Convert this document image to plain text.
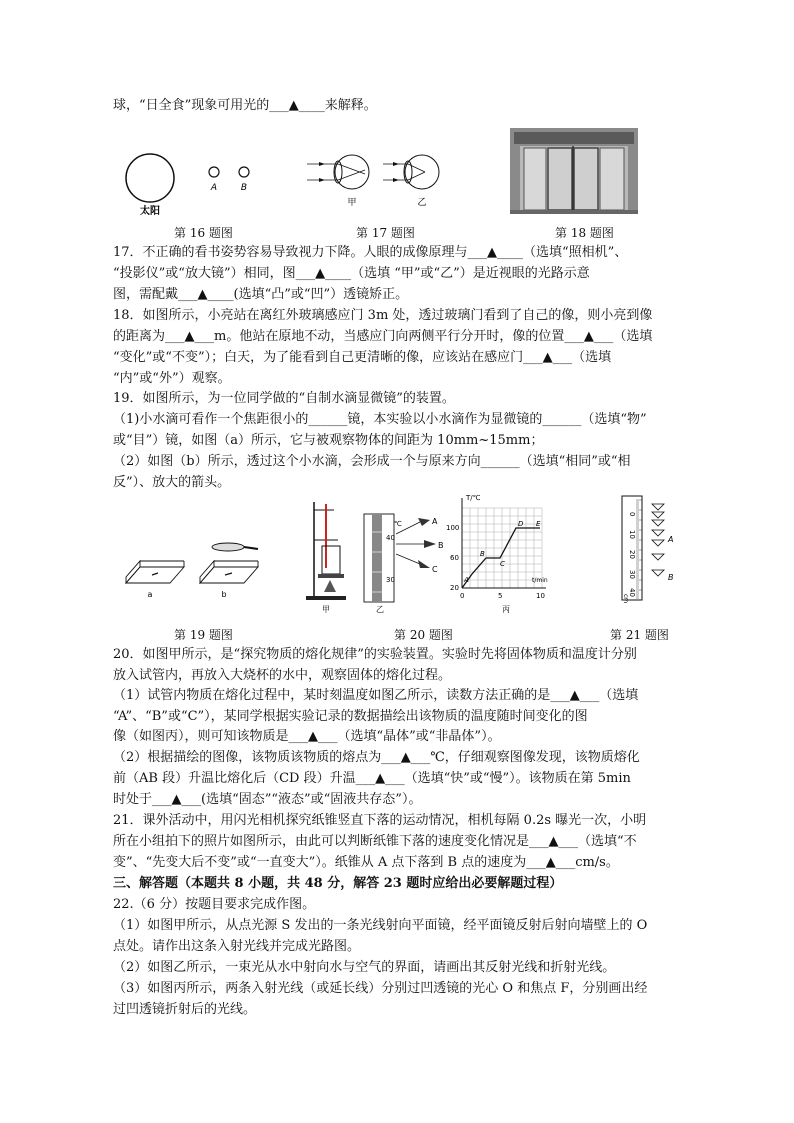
球，“日全食”现象可用光的___▲____来解释。
太阳
A	B
甲	乙
第 16 题图	第 17 题图	第 18 题图
17．不正确的看书姿势容易导致视力下降。人眼的成像原理与___▲____（选填“照相机”、
“投影仪”或“放大镜”）相同，图___▲____（选填 “甲”或“乙”）是近视眼的光路示意
图，需配戴___▲____(选填“凸”或“凹”）透镜矫正。
18．如图所示，小亮站在离红外玻璃感应门 3m 处，透过玻璃门看到了自己的像，则小亮到像
的距离为___▲___m。他站在原地不动，当感应门向两侧平行分开时，像的位置___▲___（选填
“变化”或“不变”）；白天，为了能看到自己更清晰的像，应该站在感应门___▲___（选填
“内”或“外”）观察。
19．如图所示，为一位同学做的“自制水滴显微镜”的装置。
（1)小水滴可看作一个焦距很小的______镜，本实验以小水滴作为显微镜的______（选填“物”
或“目”）镜，如图（a）所示，它与被观察物体的间距为 10mm~15mm；
（2）如图（b）所示，透过这个小水滴，会形成一个与原来方向______（选填“相同”或“相
反”）、放大的箭头。
a	b
甲
℃
40
30
A
B
C
乙
T/℃
t/min
20
60
100
0	5	10
A
B
C
D E
丙
0
10
20
30
40
cm
A
B
第 19 题图	第 20 题图	第 21 题图
20．如图甲所示，是“探究物质的熔化规律”的实验装置。实验时先将固体物质和温度计分别
放入试管内，再放入大烧杯的水中，观察固体的熔化过程。
（1）试管内物质在熔化过程中，某时刻温度如图乙所示，读数方法正确的是___▲___（选填
“A”、“B”或“C”），某同学根据实验记录的数据描绘出该物质的温度随时间变化的图
像（如图丙），则可知该物质是___▲___（选填“晶体”或“非晶体”）。
（2）根据描绘的图像，该物质该物质的熔点为___▲___℃，仔细观察图像发现，该物质熔化
前（AB 段）升温比熔化后（CD 段）升温___▲___（选填“快”或“慢”）。该物质在第 5min
时处于___▲___(选填“固态”“液态”或“固液共存态”）。
21．课外活动中，用闪光相机探究纸锥竖直下落的运动情况，相机每隔 0.2s 曝光一次，小明
所在小组拍下的照片如图所示，由此可以判断纸锥下落的速度变化情况是___▲___（选填“不
变”、“先变大后不变”或“一直变大”）。纸锥从 A 点下落到 B 点的速度为___▲___cm/s。
三、解答题（本题共 8 小题，共 48 分，解答 23 题时应给出必要解题过程）
22.（6 分）按题目要求完成作图。
（1）如图甲所示，从点光源 S 发出的一条光线射向平面镜，经平面镜反射后射向墙壁上的 O
点处。请作出这条入射光线并完成光路图。
（2）如图乙所示，一束光从水中射向水与空气的界面，请画出其反射光线和折射光线。
（3）如图丙所示，两条入射光线（或延长线）分别过凹透镜的光心 O 和焦点 F，分别画出经
过凹透镜折射后的光线。
